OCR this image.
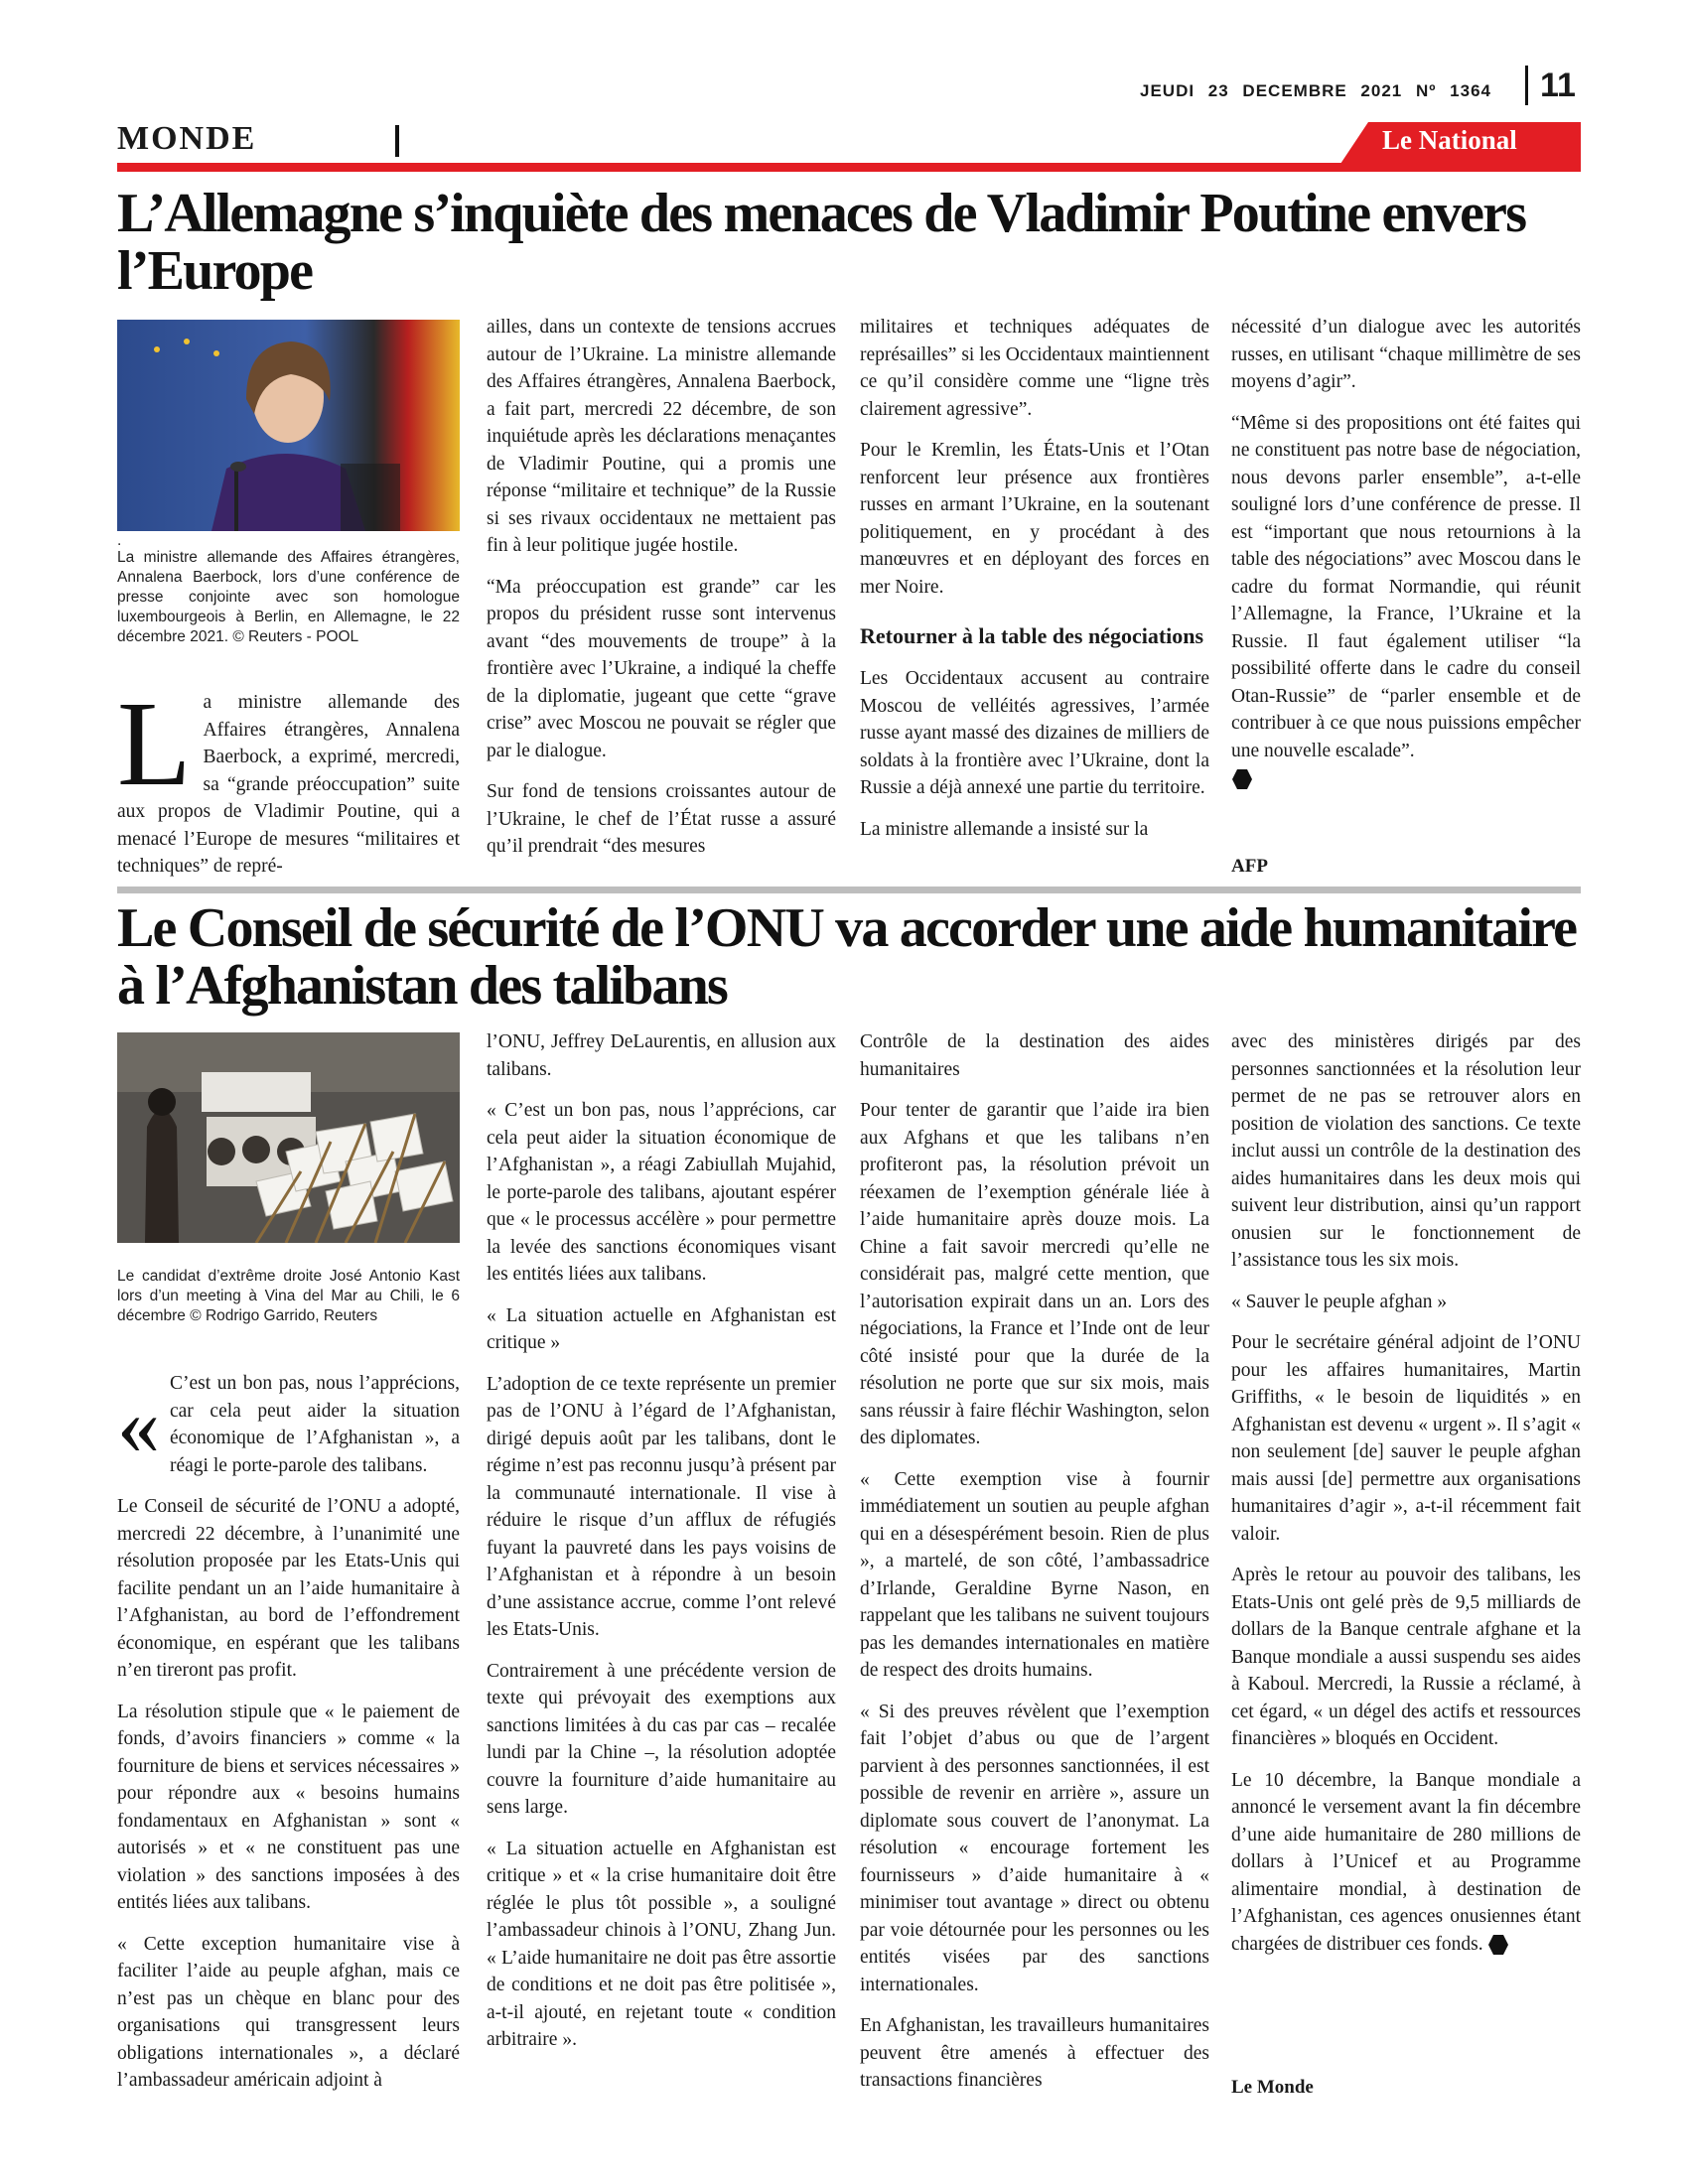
JEUDI 23 DECEMBRE 2021 Nº 1364	11
MONDE	Le National
L’Allemagne s’inquiète des menaces de Vladimir Poutine envers l’Europe
.
La ministre allemande des Affaires étrangères, Annalena Baerbock, lors d’une conférence de presse conjointe avec son homologue luxembourgeois à Berlin, en Allemagne, le 22 décembre 2021. © Reuters - POOL
L a ministre allemande des Affaires étrangères, Annalena Baerbock, a exprimé, mercredi, sa “grande préoccupation” suite aux propos de Vladimir Poutine, qui a menacé l’Europe de mesures “militaires et techniques” de repré-

ailles, dans un contexte de tensions accrues autour de l’Ukraine. La ministre allemande des Affaires étrangères, Annalena Baerbock, a fait part, mercredi 22 décembre, de son inquiétude après les déclarations menaçantes de Vladimir Poutine, qui a promis une réponse “militaire et technique” de la Russie si ses rivaux occidentaux ne mettaient pas fin à leur politique jugée hostile.

“Ma préoccupation est grande” car les propos du président russe sont intervenus avant “des mouvements de troupe” à la frontière avec l’Ukraine, a indiqué la cheffe de la diplomatie, jugeant que cette “grave crise” avec Moscou ne pouvait se régler que par le dialogue.

Sur fond de tensions croissantes autour de l’Ukraine, le chef de l’État russe a assuré qu’il prendrait “des mesures

militaires et techniques adéquates de représailles” si les Occidentaux maintiennent ce qu’il considère comme une “ligne très clairement agressive”.

Pour le Kremlin, les États-Unis et l’Otan renforcent leur présence aux frontières russes en armant l’Ukraine, en la soutenant politiquement, en y procédant à des manœuvres et en déployant des forces en mer Noire.

Retourner à la table des négociations

Les Occidentaux accusent au contraire Moscou de velléités agressives, l’armée russe ayant massé des dizaines de milliers de soldats à la frontière avec l’Ukraine, dont la Russie a déjà annexé une partie du territoire.

La ministre allemande a insisté sur la

nécessité d’un dialogue avec les autorités russes, en utilisant “chaque millimètre de ses moyens d’agir”.

“Même si des propositions ont été faites qui ne constituent pas notre base de négociation, nous devons parler ensemble”, a-t-elle souligné lors d’une conférence de presse. Il est “important que nous retournions à la table des négociations” avec Moscou dans le cadre du format Normandie, qui réunit l’Allemagne, la France, l’Ukraine et la Russie. Il faut également utiliser “la possibilité offerte dans le cadre du conseil Otan-Russie” de “parler ensemble et de contribuer à ce que nous puissions empêcher une nouvelle escalade”.

AFP
Le Conseil de sécurité de l’ONU va accorder une aide humanitaire à l’Afghanistan des talibans
Le candidat d’extrême droite José Antonio Kast lors d’un meeting à Vina del Mar au Chili, le 6 décembre © Rodrigo Garrido, Reuters

« C’est un bon pas, nous l’apprécions, car cela peut aider la situation économique de l’Afghanistan », a réagi le porte-parole des talibans.

Le Conseil de sécurité de l’ONU a adopté, mercredi 22 décembre, à l’unanimité une résolution proposée par les Etats-Unis qui facilite pendant un an l’aide humanitaire à l’Afghanistan, au bord de l’effondrement économique, en espérant que les talibans n’en tireront pas profit.

La résolution stipule que « le paiement de fonds, d’avoirs financiers » comme « la fourniture de biens et services nécessaires » pour répondre aux « besoins humains fondamentaux en Afghanistan » sont « autorisés » et « ne constituent pas une violation » des sanctions imposées à des entités liées aux talibans.

« Cette exception humanitaire vise à faciliter l’aide au peuple afghan, mais ce n’est pas un chèque en blanc pour des organisations qui transgressent leurs obligations internationales », a déclaré l’ambassadeur américain adjoint à

l’ONU, Jeffrey DeLaurentis, en allusion aux talibans.

« C’est un bon pas, nous l’apprécions, car cela peut aider la situation économique de l’Afghanistan », a réagi Zabiullah Mujahid, le porte-parole des talibans, ajoutant espérer que « le processus accélère » pour permettre la levée des sanctions économiques visant les entités liées aux talibans.

« La situation actuelle en Afghanistan est critique »

L’adoption de ce texte représente un premier pas de l’ONU à l’égard de l’Afghanistan, dirigé depuis août par les talibans, dont le régime n’est pas reconnu jusqu’à présent par la communauté internationale. Il vise à réduire le risque d’un afflux de réfugiés fuyant la pauvreté dans les pays voisins de l’Afghanistan et à répondre à un besoin d’une assistance accrue, comme l’ont relevé les Etats-Unis.

Contrairement à une précédente version de texte qui prévoyait des exemptions aux sanctions limitées à du cas par cas – recalée lundi par la Chine –, la résolution adoptée couvre la fourniture d’aide humanitaire au sens large.

« La situation actuelle en Afghanistan est critique » et « la crise humanitaire doit être réglée le plus tôt possible », a souligné l’ambassadeur chinois à l’ONU, Zhang Jun. « L’aide humanitaire ne doit pas être assortie de conditions et ne doit pas être politisée », a-t-il ajouté, en rejetant toute « condition arbitraire ».

Contrôle de la destination des aides humanitaires

Pour tenter de garantir que l’aide ira bien aux Afghans et que les talibans n’en profiteront pas, la résolution prévoit un réexamen de l’exemption générale liée à l’aide humanitaire après douze mois. La Chine a fait savoir mercredi qu’elle ne considérait pas, malgré cette mention, que l’autorisation expirait dans un an. Lors des négociations, la France et l’Inde ont de leur côté insisté pour que la durée de la résolution ne porte que sur six mois, mais sans réussir à faire fléchir Washington, selon des diplomates.

« Cette exemption vise à fournir immédiatement un soutien au peuple afghan qui en a désespérément besoin. Rien de plus », a martelé, de son côté, l’ambassadrice d’Irlande, Geraldine Byrne Nason, en rappelant que les talibans ne suivent toujours pas les demandes internationales en matière de respect des droits humains.

« Si des preuves révèlent que l’exemption fait l’objet d’abus ou que de l’argent parvient à des personnes sanctionnées, il est possible de revenir en arrière », assure un diplomate sous couvert de l’anonymat. La résolution « encourage fortement les fournisseurs » d’aide humanitaire à « minimiser tout avantage » direct ou obtenu par voie détournée pour les personnes ou les entités visées par des sanctions internationales.

En Afghanistan, les travailleurs humanitaires peuvent être amenés à effectuer des transactions financières

avec des ministères dirigés par des personnes sanctionnées et la résolution leur permet de ne pas se retrouver alors en position de violation des sanctions. Ce texte inclut aussi un contrôle de la destination des aides humanitaires dans les deux mois qui suivent leur distribution, ainsi qu’un rapport onusien sur le fonctionnement de l’assistance tous les six mois.

« Sauver le peuple afghan »

Pour le secrétaire général adjoint de l’ONU pour les affaires humanitaires, Martin Griffiths, « le besoin de liquidités » en Afghanistan est devenu « urgent ». Il s’agit « non seulement [de] sauver le peuple afghan mais aussi [de] permettre aux organisations humanitaires d’agir », a-t-il récemment fait valoir.

Après le retour au pouvoir des talibans, les Etats-Unis ont gelé près de 9,5 milliards de dollars de la Banque centrale afghane et la Banque mondiale a aussi suspendu ses aides à Kaboul. Mercredi, la Russie a réclamé, à cet égard, « un dégel des actifs et ressources financières » bloqués en Occident.

Le 10 décembre, la Banque mondiale a annoncé le versement avant la fin décembre d’une aide humanitaire de 280 millions de dollars à l’Unicef et au Programme alimentaire mondial, à destination de l’Afghanistan, ces agences onusiennes étant chargées de distribuer ces fonds.

Le Monde
